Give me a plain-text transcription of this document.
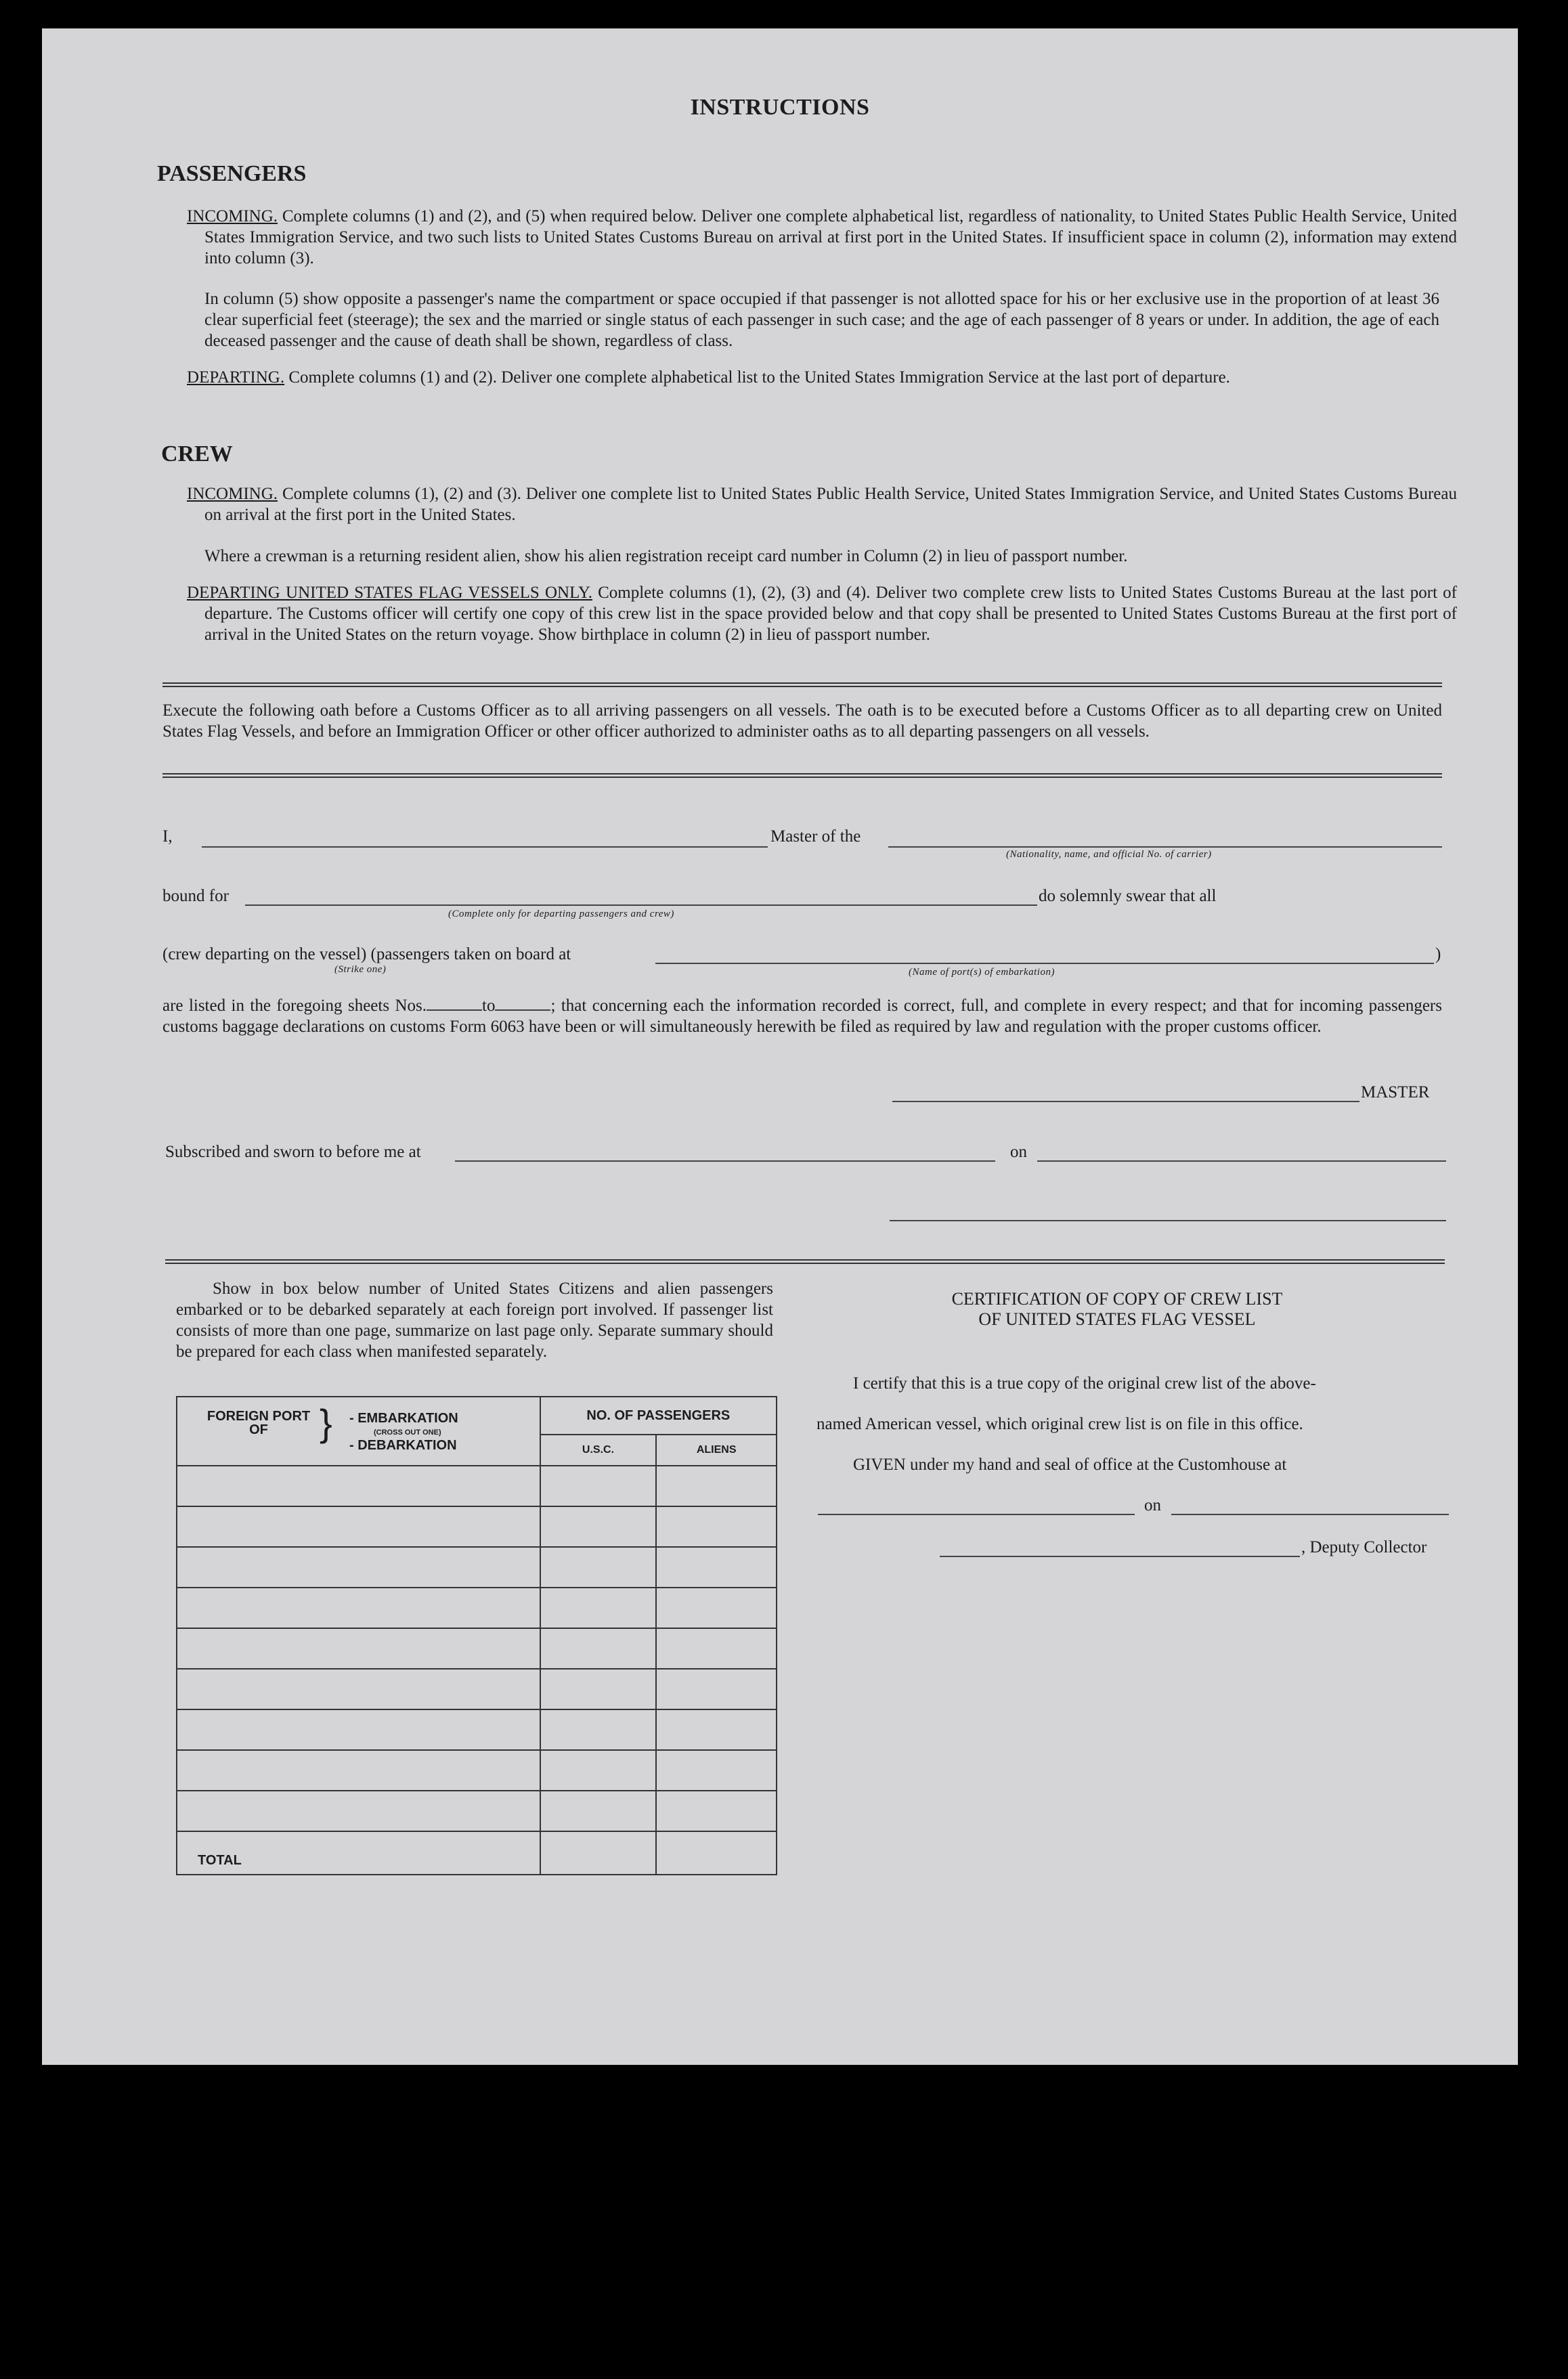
INSTRUCTIONS
PASSENGERS
INCOMING. Complete columns (1) and (2), and (5) when required below. Deliver one complete alphabetical list, regardless of nationality, to United States Public Health Service, United States Immigration Service, and two such lists to United States Customs Bureau on arrival at first port in the United States. If insufficient space in column (2), information may extend into column (3).
In column (5) show opposite a passenger's name the compartment or space occupied if that passenger is not allotted space for his or her exclusive use in the proportion of at least 36 clear superficial feet (steerage); the sex and the married or single status of each passenger in such case; and the age of each passenger of 8 years or under. In addition, the age of each deceased passenger and the cause of death shall be shown, regardless of class.
DEPARTING. Complete columns (1) and (2). Deliver one complete alphabetical list to the United States Immigration Service at the last port of departure.
CREW
INCOMING. Complete columns (1), (2) and (3). Deliver one complete list to United States Public Health Service, United States Immigration Service, and United States Customs Bureau on arrival at the first port in the United States.
Where a crewman is a returning resident alien, show his alien registration receipt card number in Column (2) in lieu of passport number.
DEPARTING UNITED STATES FLAG VESSELS ONLY. Complete columns (1), (2), (3) and (4). Deliver two complete crew lists to United States Customs Bureau at the last port of departure. The Customs officer will certify one copy of this crew list in the space provided below and that copy shall be presented to United States Customs Bureau at the first port of arrival in the United States on the return voyage. Show birthplace in column (2) in lieu of passport number.
Execute the following oath before a Customs Officer as to all arriving passengers on all vessels. The oath is to be executed before a Customs Officer as to all departing crew on United States Flag Vessels, and before an Immigration Officer or other officer authorized to administer oaths as to all departing passengers on all vessels.
I,	Master of the
(Nationality, name, and official No. of carrier)
bound for
(Complete only for departing passengers and crew)
do solemnly swear that all
(crew departing on the vessel) (passengers taken on board at	)
(Strike one)	(Name of port(s) of embarkation)
are listed in the foregoing sheets Nos.	to	; that concerning each the information recorded is correct, full, and complete in every respect; and that for incoming passengers customs baggage declarations on customs Form 6063 have been or will simultaneously herewith be filed as required by law and regulation with the proper customs officer.
MASTER
Subscribed and sworn to before me at	on
Show in box below number of United States Citizens and alien passengers embarked or to be debarked separately at each foreign port involved. If passenger list consists of more than one page, summarize on last page only. Separate summary should be prepared for each class when manifested separately.
FOREIGN PORT OF } - EMBARKATION
(CROSS OUT ONE)
- DEBARKATION	NO. OF PASSENGERS	
	U.S.C.	ALIENS

TOTAL		

CERTIFICATION OF COPY OF CREW LIST
OF UNITED STATES FLAG VESSEL
I certify that this is a true copy of the original crew list of the above-
named American vessel, which original crew list is on file in this office.
GIVEN under my hand and seal of office at the Customhouse at
on
, Deputy Collector
